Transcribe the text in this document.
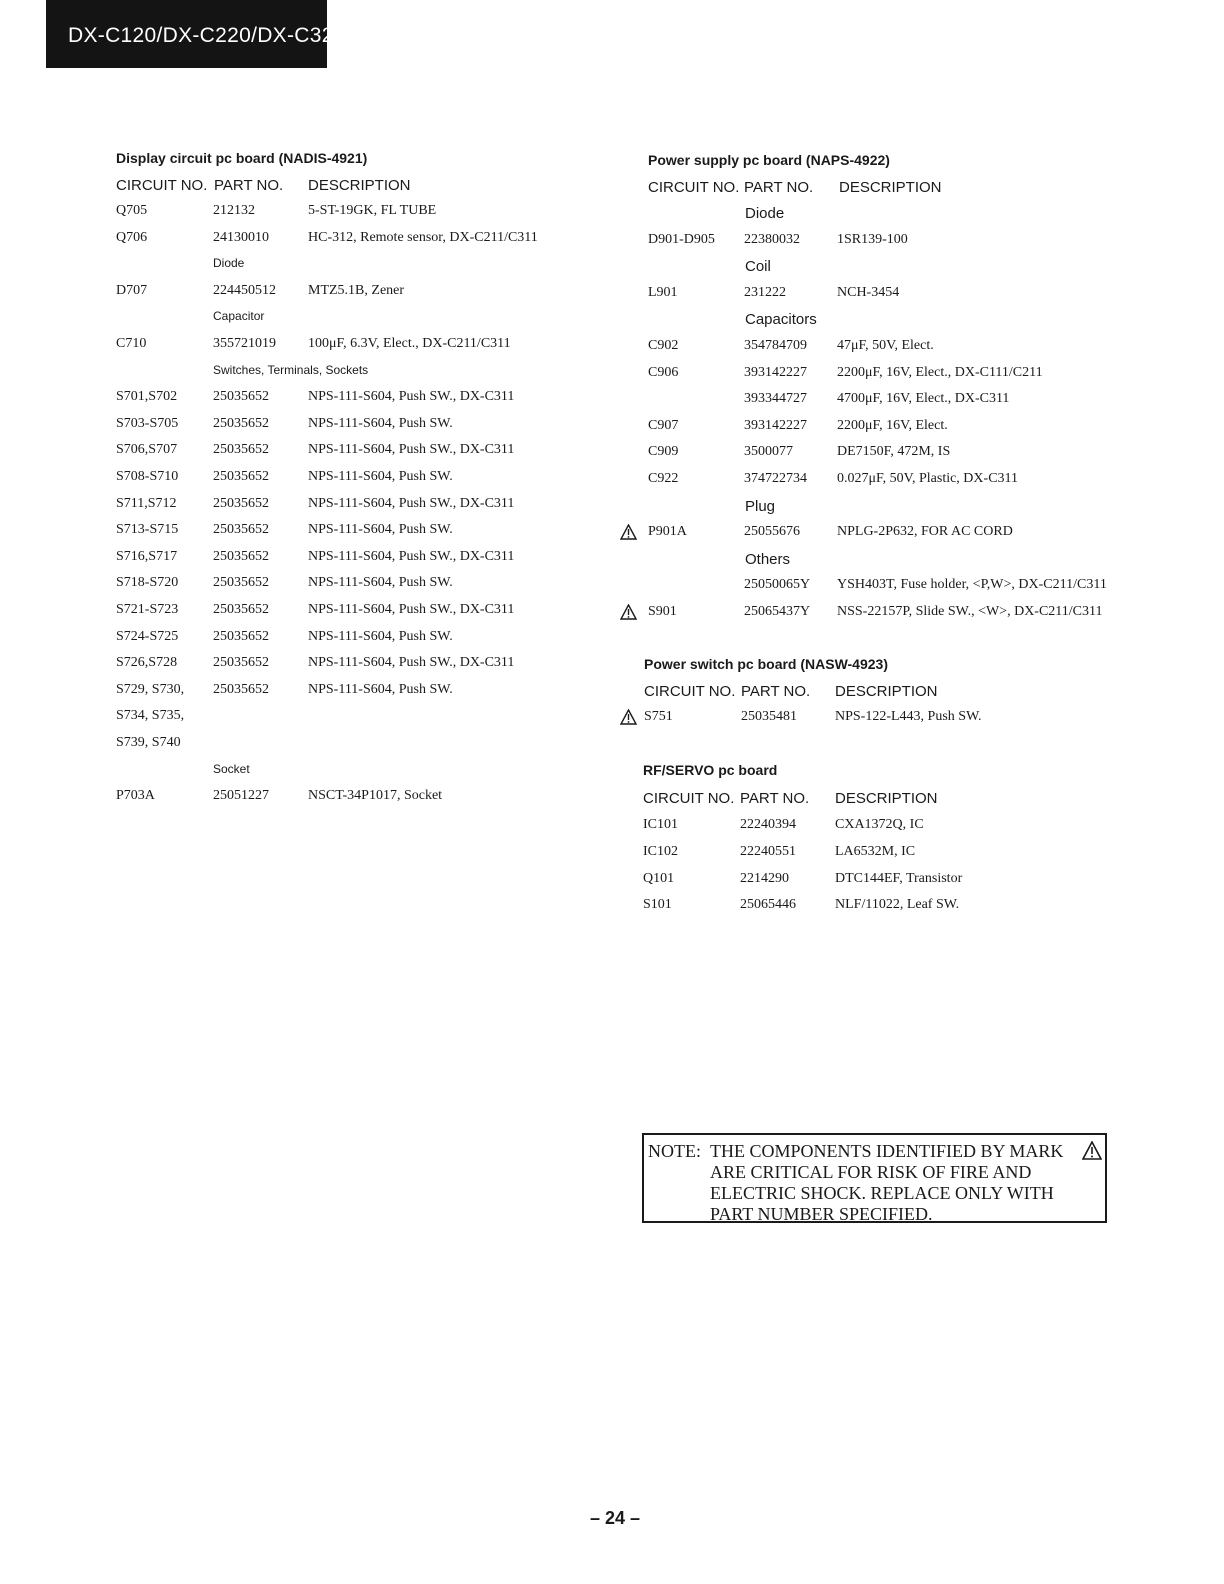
DX-C120/DX-C220/DX-C320
Display circuit pc board (NADIS-4921)
CIRCUIT NO. PART NO. DESCRIPTION
Q705	212132	5-ST-19GK, FL TUBE
Q706	24130010	HC-312, Remote sensor, DX-C211/C311
Diode
D707	224450512 MTZ5.1B, Zener
Capacitor
C710	355721019 100μF, 6.3V, Elect., DX-C211/C311
Switches, Terminals, Sockets
S701,S702	25035652	NPS-111-S604, Push SW., DX-C311
S703-S705 25035652	NPS-111-S604, Push SW.
S706,S707	25035652	NPS-111-S604, Push SW., DX-C311
S708-S710 25035652	NPS-111-S604, Push SW.
S711,S712	25035652	NPS-111-S604, Push SW., DX-C311
S713-S715 25035652	NPS-111-S604, Push SW.
S716,S717	25035652	NPS-111-S604, Push SW., DX-C311
S718-S720 25035652	NPS-111-S604, Push SW.
S721-S723 25035652	NPS-111-S604, Push SW., DX-C311
S724-S725 25035652	NPS-111-S604, Push SW.
S726,S728	25035652	NPS-111-S604, Push SW., DX-C311
S729, S730, 25035652	NPS-111-S604, Push SW.
S734, S735,
S739, S740
Socket
P703A	25051227	NSCT-34P1017, Socket
Power supply pc board (NAPS-4922)
CIRCUIT NO. PART NO. DESCRIPTION
Diode
D901-D905 22380032	1SR139-100
Coil
L901	231222	NCH-3454
Capacitors
C902	354784709 47μF, 50V, Elect.
C906	393142227 2200μF, 16V, Elect., DX-C111/C211
393344727 4700μF, 16V, Elect., DX-C311
C907	393142227 2200μF, 16V, Elect.
C909	3500077	DE7150F, 472M, IS
C922	374722734 0.027μF, 50V, Plastic, DX-C311
Plug
P901A	25055676	NPLG-2P632, FOR AC CORD
Others
25050065Y YSH403T, Fuse holder, <P,W>, DX-C211/C311
S901	25065437Y NSS-22157P, Slide SW., <W>, DX-C211/C311
Power switch pc board (NASW-4923)
CIRCUIT NO. PART NO. DESCRIPTION
S751	25035481	NPS-122-L443, Push SW.
RF/SERVO pc board
CIRCUIT NO. PART NO. DESCRIPTION
IC101	22240394	CXA1372Q, IC
IC102	22240551	LA6532M, IC
Q101	2214290	DTC144EF, Transistor
S101	25065446	NLF/11022, Leaf SW.
NOTE: THE COMPONENTS IDENTIFIED BY MARK
ARE CRITICAL FOR RISK OF FIRE AND
ELECTRIC SHOCK. REPLACE ONLY WITH
PART NUMBER SPECIFIED.
– 24 –
